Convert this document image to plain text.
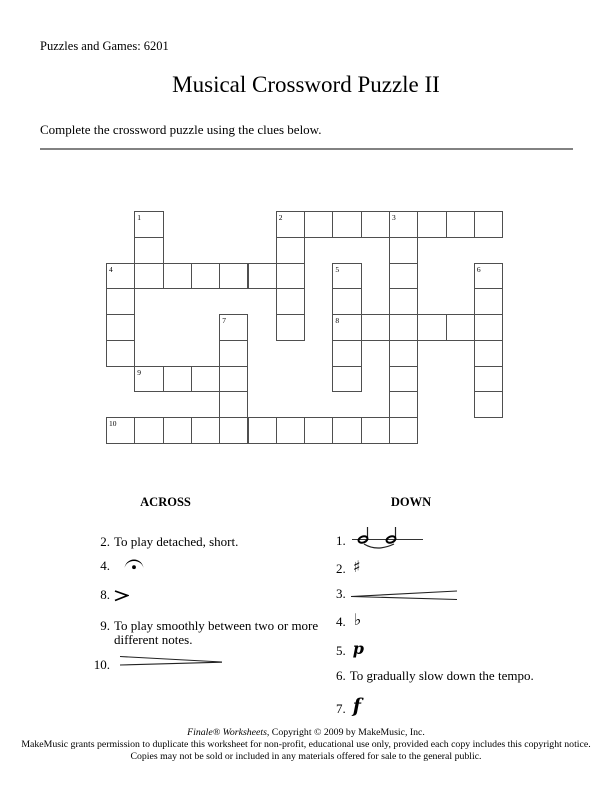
Puzzles and Games: 6201
Musical Crossword Puzzle II
Complete the crossword puzzle using the clues below.
1	2	3
4	5	6
7	8
9
10
ACROSS
2. To play detached, short.
4.
8.
9. To play smoothly between two or more different notes.
10.
DOWN
1.
2. ♯
3.
4. ♭
5. p
6. To gradually slow down the tempo.
7. f
Finale® Worksheets, Copyright © 2009 by MakeMusic, Inc.
MakeMusic grants permission to duplicate this worksheet for non-profit, educational use only, provided each copy includes this copyright notice.
Copies may not be sold or included in any materials offered for sale to the general public.
